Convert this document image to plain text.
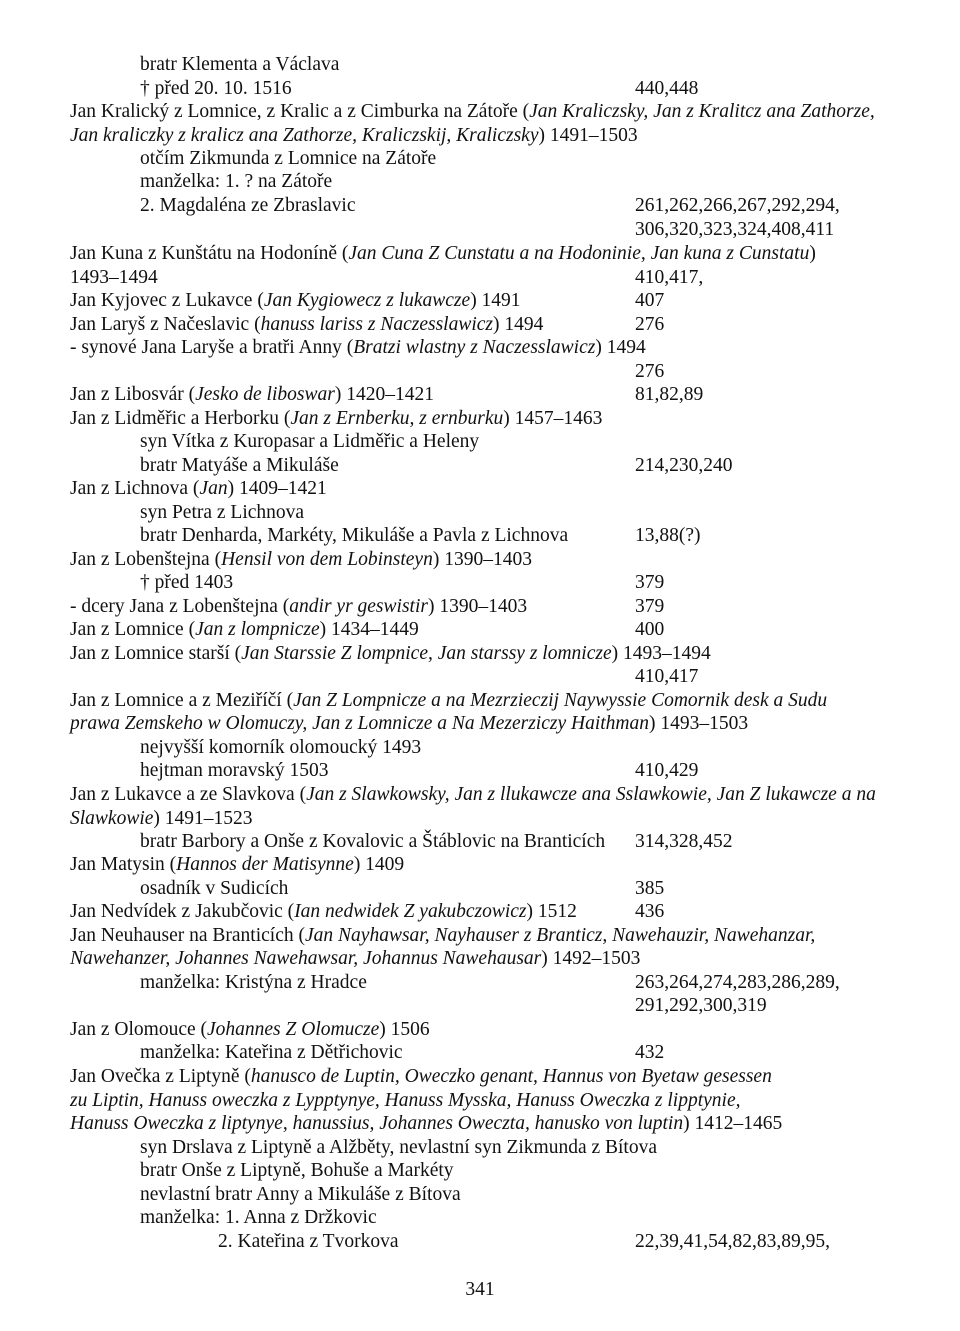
bratr Klementa a Václava
† před 20. 10. 1516	440,448
Jan Kralický z Lomnice, z Kralic a z Cimburka na Zátoře (Jan Kraliczsky, Jan z Kralitcz ana Zathorze,
Jan kraliczky z kralicz ana Zathorze, Kraliczskij, Kraliczsky) 1491–1503
otčím Zikmunda z Lomnice na Zátoře
manželka: 1. ? na Zátoře
2. Magdaléna ze Zbraslavic	261,262,266,267,292,294,
306,320,323,324,408,411
Jan Kuna z Kunštátu na Hodoníně (Jan Cuna Z Cunstatu a na Hodoninie, Jan kuna z Cunstatu)
1493–1494	410,417,
Jan Kyjovec z Lukavce (Jan Kygiowecz z lukawcze) 1491	407
Jan Laryš z Načeslavic (hanuss lariss z Naczesslawicz) 1494	276
- synové Jana Laryše a bratři Anny (Bratzi wlastny z Naczesslawicz) 1494
276
Jan z Libosvár (Jesko de liboswar) 1420–1421	81,82,89
Jan z Lidměřic a Herborku (Jan z Ernberku, z ernburku) 1457–1463
syn Vítka z Kuropasar a Lidměřic a Heleny
bratr Matyáše a Mikuláše	214,230,240
Jan z Lichnova (Jan) 1409–1421
syn Petra z Lichnova
bratr Denharda, Markéty, Mikuláše a Pavla z Lichnova	13,88(?)
Jan z Lobenštejna (Hensil von dem Lobinsteyn) 1390–1403
† před 1403	379
- dcery Jana z Lobenštejna (andir yr geswistir) 1390–1403	379
Jan z Lomnice (Jan z lompnicze) 1434–1449	400
Jan z Lomnice starší (Jan Starssie Z lompnice, Jan starssy z lomnicze) 1493–1494
410,417
Jan z Lomnice a z Meziříčí (Jan Z Lompnicze a na Mezrzieczij Naywyssie Comornik desk a Sudu
prawa Zemskeho w Olomuczy, Jan z Lomnicze a Na Mezerziczy Haithman) 1493–1503
nejvyšší komorník olomoucký 1493
hejtman moravský 1503	410,429
Jan z Lukavce a ze Slavkova (Jan z Slawkowsky, Jan z llukawcze ana Sslawkowie, Jan Z lukawcze a na
Slawkowie) 1491–1523
bratr Barbory a Onše z Kovalovic a Štáblovic na Branticích 314,328,452
Jan Matysin (Hannos der Matisynne) 1409
osadník v Sudicích	385
Jan Nedvídek z Jakubčovic (Ian nedwidek Z yakubczowicz) 1512	436
Jan Neuhauser na Branticích (Jan Nayhawsar, Nayhauser z Branticz, Nawehauzir, Nawehanzar,
Nawehanzer, Johannes Nawehawsar, Johannus Nawehausar) 1492–1503
manželka: Kristýna z Hradce	263,264,274,283,286,289,
291,292,300,319
Jan z Olomouce (Johannes Z Olomucze) 1506
manželka: Kateřina z Dětřichovic	432
Jan Ovečka z Liptyně (hanusco de Luptin, Oweczko genant, Hannus von Byetaw gesessen
zu Liptin, Hanuss oweczka z Lypptynye, Hanuss Mysska, Hanuss Oweczka z lipptynie,
Hanuss Oweczka z liptynye, hanussius, Johannes Oweczta, hanusko von luptin) 1412–1465
syn Drslava z Liptyně a Alžběty, nevlastní syn Zikmunda z Bítova
bratr Onše z Liptyně, Bohuše a Markéty
nevlastní bratr Anny a Mikuláše z Bítova
manželka: 1. Anna z Držkovic
2. Kateřina z Tvorkova	22,39,41,54,82,83,89,95,
341
